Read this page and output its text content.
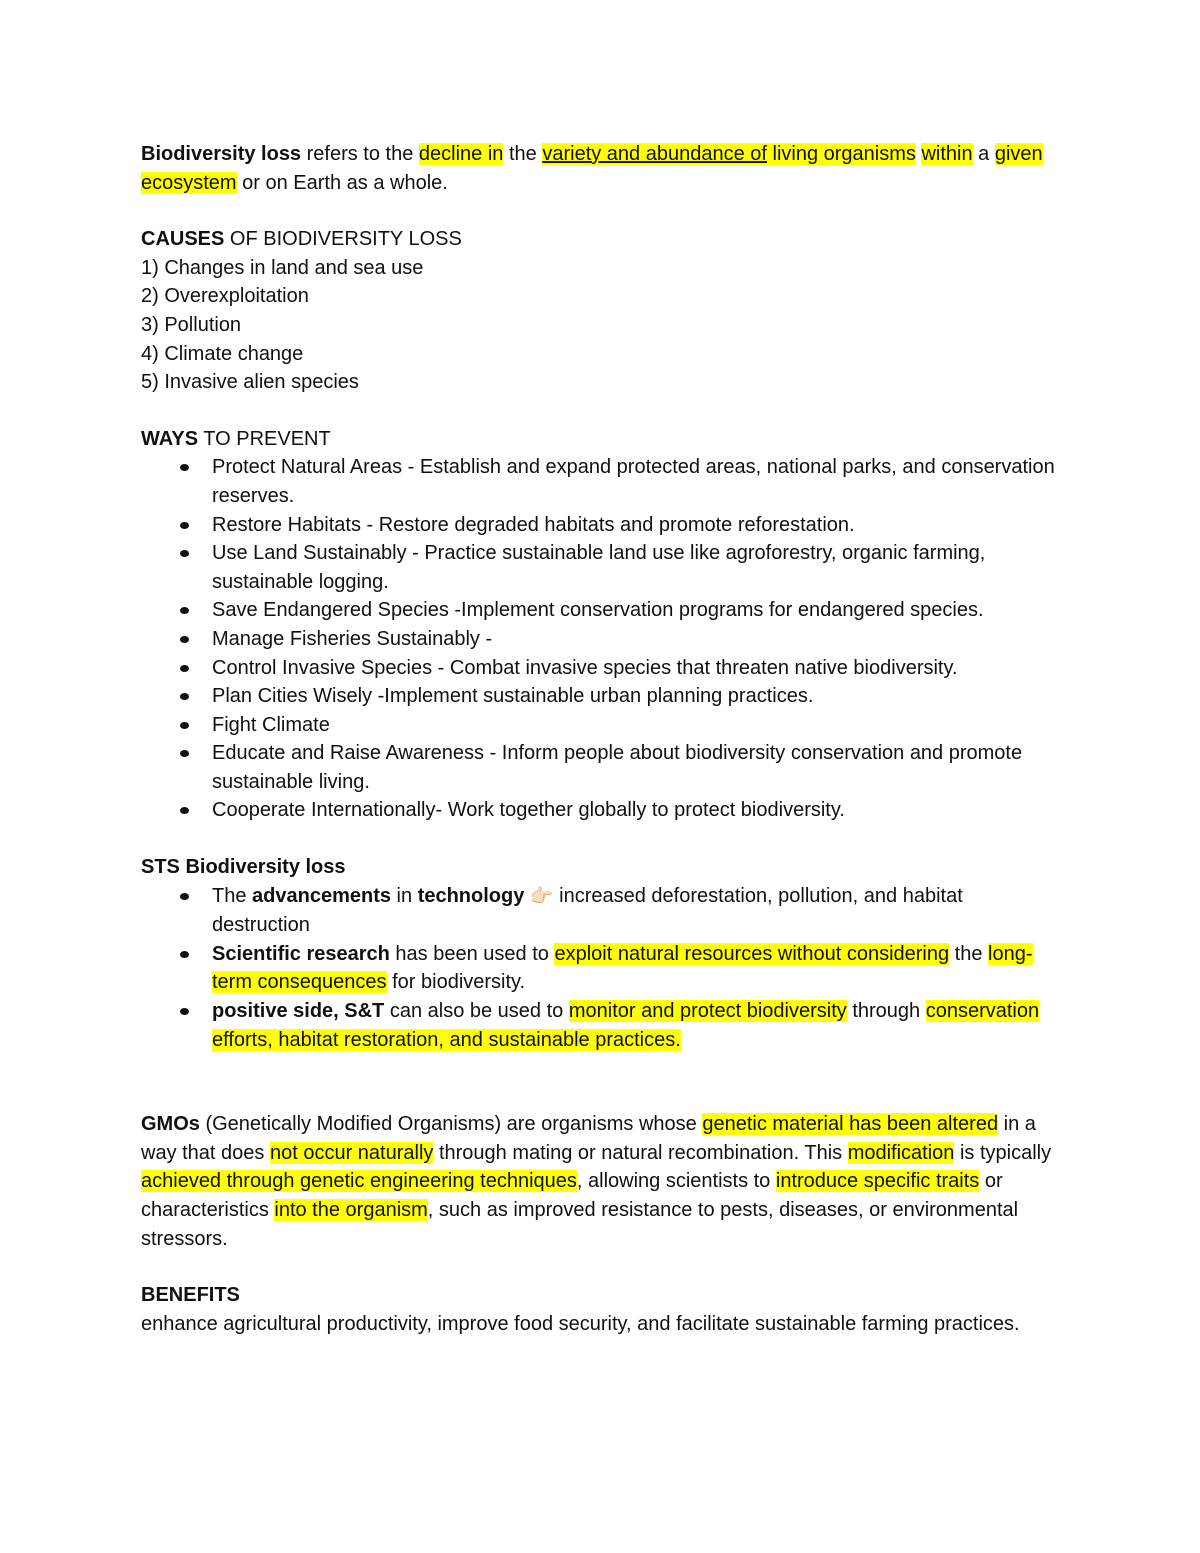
Biodiversity loss refers to the decline in the variety and abundance of living organisms within a given ecosystem or on Earth as a whole.

CAUSES OF BIODIVERSITY LOSS

1) Changes in land and sea use

2) Overexploitation

3) Pollution

4) Climate change

5) Invasive alien species

WAYS TO PREVENT

Protect Natural Areas - Establish and expand protected areas, national parks, and conservation reserves.
Restore Habitats - Restore degraded habitats and promote reforestation.
Use Land Sustainably - Practice sustainable land use like agroforestry, organic farming, sustainable logging.
Save Endangered Species -Implement conservation programs for endangered species.
Manage Fisheries Sustainably -
Control Invasive Species - Combat invasive species that threaten native biodiversity.
Plan Cities Wisely -Implement sustainable urban planning practices.
Fight Climate
Educate and Raise Awareness - Inform people about biodiversity conservation and promote sustainable living.
Cooperate Internationally- Work together globally to protect biodiversity.

STS Biodiversity loss

The advancements in technology 👉🏻 increased deforestation, pollution, and habitat destruction
Scientific research has been used to exploit natural resources without considering the long-term consequences for biodiversity.
positive side, S&T can also be used to monitor and protect biodiversity through conservation efforts, habitat restoration, and sustainable practices.

GMOs (Genetically Modified Organisms) are organisms whose genetic material has been altered in a way that does not occur naturally through mating or natural recombination. This modification is typically achieved through genetic engineering techniques, allowing scientists to introduce specific traits or characteristics into the organism, such as improved resistance to pests, diseases, or environmental stressors.

BENEFITS

enhance agricultural productivity, improve food security, and facilitate sustainable farming practices.
